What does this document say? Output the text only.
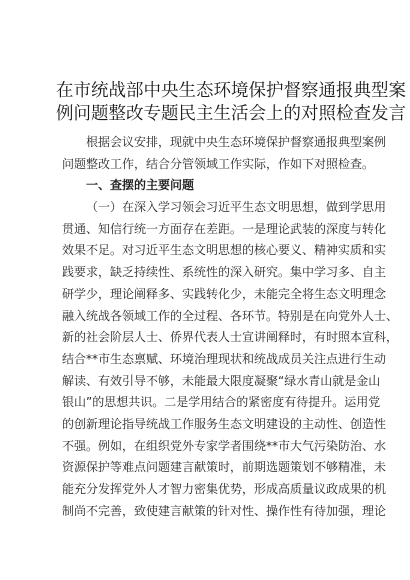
在市统战部中央生态环境保护督察通报典型案
例问题整改专题民主生活会上的对照检查发言
根据会议安排，现就中央生态环境保护督察通报典型案例
问题整改工作，结合分管领域工作实际，作如下对照检查。
一、查摆的主要问题
（一）在深入学习领会习近平生态文明思想，做到学思用
贯通、知信行统一方面存在差距。一是理论武装的深度与转化
效果不足。对习近平生态文明思想的核心要义、精神实质和实
践要求，缺乏持续性、系统性的深入研究。集中学习多、自主
研学少，理论阐释多、实践转化少，未能完全将生态文明理念
融入统战各领域工作的全过程、各环节。特别是在向党外人士、
新的社会阶层人士、侨界代表人士宣讲阐释时，有时照本宣科，
结合**市生态禀赋、环境治理现状和统战成员关注点进行生动
解读、有效引导不够，未能最大限度凝聚“绿水青山就是金山
银山”的思想共识。二是学用结合的紧密度有待提升。运用党
的创新理论指导统战工作服务生态文明建设的主动性、创造性
不强。例如，在组织党外专家学者围绕**市大气污染防治、水
资源保护等难点问题建言献策时，前期选题策划不够精准，未
能充分发挥党外人才智力密集优势，形成高质量议政成果的机
制尚不完善，致使建言献策的针对性、操作性有待加强，理论
